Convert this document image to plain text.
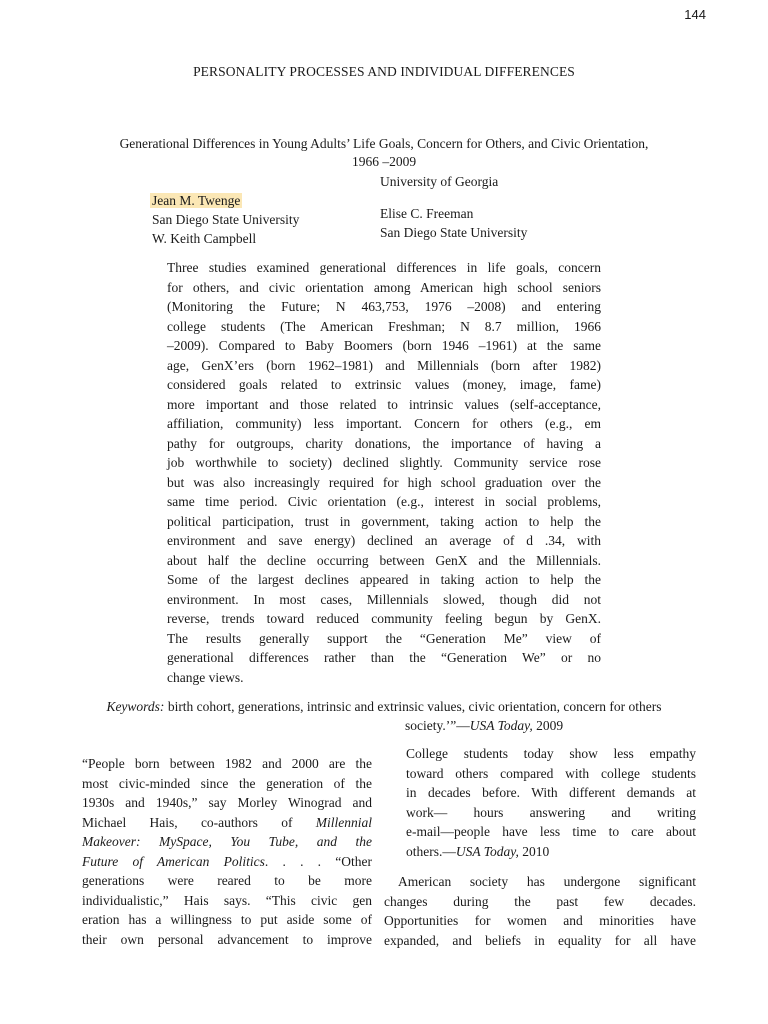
144
PERSONALITY PROCESSES AND INDIVIDUAL DIFFERENCES
Generational Differences in Young Adults’ Life Goals, Concern for Others, and Civic Orientation,
1966 –2009
University of Georgia
Jean M. Twenge
San Diego State University
W. Keith Campbell
Elise C. Freeman
San Diego State University
Three studies examined generational differences in life goals, concern
for others, and civic orientation among American high school seniors
(Monitoring the Future; N 463,753, 1976 –2008) and entering
college students (The American Freshman; N 8.7 million, 1966
–2009). Compared to Baby Boomers (born 1946 –1961) at the same
age, GenX’ers (born 1962–1981) and Millennials (born after 1982)
considered goals related to extrinsic values (money, image, fame)
more important and those related to intrinsic values (self-acceptance,
affiliation, community) less important. Concern for others (e.g., em
pathy for outgroups, charity donations, the importance of having a
job worthwhile to society) declined slightly. Community service rose
but was also increasingly required for high school graduation over the
same time period. Civic orientation (e.g., interest in social problems,
political participation, trust in government, taking action to help the
environment and save energy) declined an average of d .34, with
about half the decline occurring between GenX and the Millennials.
Some of the largest declines appeared in taking action to help the
environment. In most cases, Millennials slowed, though did not
reverse, trends toward reduced community feeling begun by GenX.
The results generally support the “Generation Me” view of
generational differences rather than the “Generation We” or no
change views.
Keywords: birth cohort, generations, intrinsic and extrinsic values, civic orientation, concern for others
society.’”—USA Today, 2009
“People born between 1982 and 2000 are the
most civic-minded since the generation of the
1930s and 1940s,” say Morley Winograd and
Michael Hais, co-authors of Millennial
Makeover: MySpace, You Tube, and the
Future of American Politics. . . . “Other
generations were reared to be more
individualistic,” Hais says. “This civic gen
eration has a willingness to put aside some of
their own personal advancement to improve
College students today show less empathy
toward others compared with college students
in decades before. With different demands at
work— hours answering and writing
e-mail—people have less time to care about
others.—USA Today, 2010
American society has undergone significant
changes during the past few decades.
Opportunities for women and minorities have
expanded, and beliefs in equality for all have
